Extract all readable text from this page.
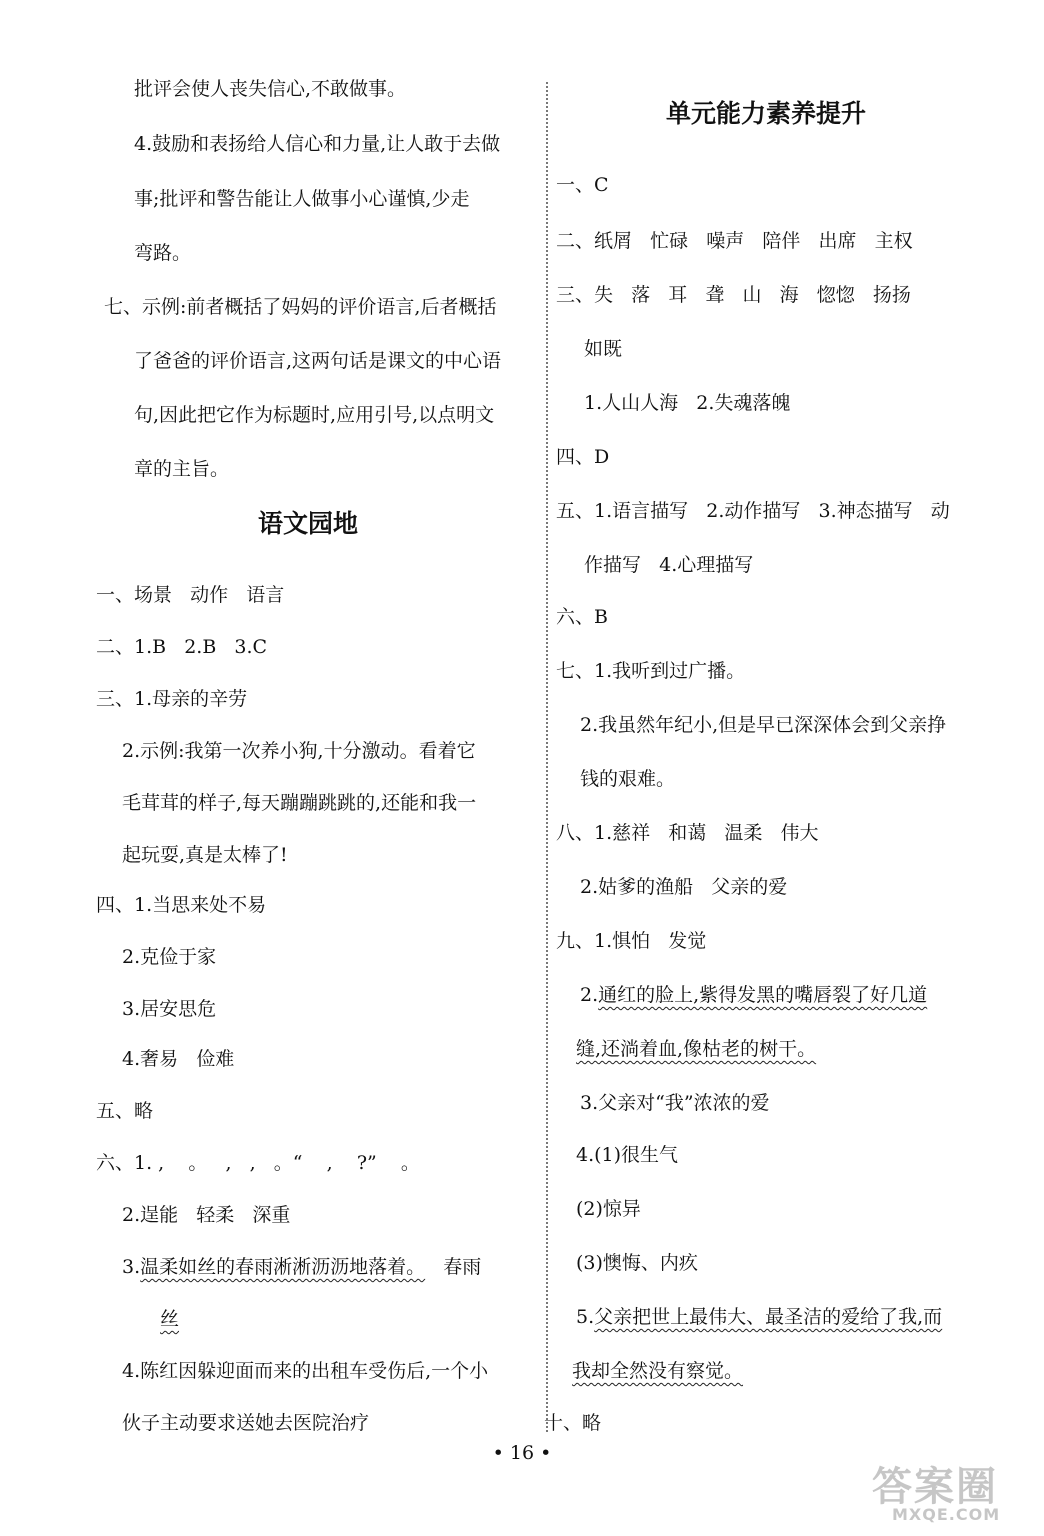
批评会使人丧失信心,不敢做事。
4.鼓励和表扬给人信心和力量,让人敢于去做
事;批评和警告能让人做事小心谨慎,少走
弯路。
七、示例:前者概括了妈妈的评价语言,后者概括
了爸爸的评价语言,这两句话是课文的中心语
句,因此把它作为标题时,应用引号,以点明文
章的主旨。
语文园地
一、场景   动作   语言
二、1.B   2.B   3.C
三、1.母亲的辛劳
2.示例:我第一次养小狗,十分激动。看着它
毛茸茸的样子,每天蹦蹦跳跳的,还能和我一
起玩耍,真是太棒了!
四、1.当思来处不易
2.克俭于家
3.居安思危
4.奢易   俭难
五、略
六、1. ,    。   ,   ,   。“    ,    ?”    。
2.逞能   轻柔   深重
3.温柔如丝的春雨淅淅沥沥地落着。   春雨
丝
4.陈红因躲迎面而来的出租车受伤后,一个小
伙子主动要求送她去医院治疗
单元能力素养提升
一、C
二、纸屑   忙碌   噪声   陪伴   出席   主权
三、失   落   耳   聋   山   海   惚惚   扬扬
如既
1.人山人海   2.失魂落魄
四、D
五、1.语言描写   2.动作描写   3.神态描写   动
作描写   4.心理描写
六、B
七、1.我听到过广播。
2.我虽然年纪小,但是早已深深体会到父亲挣
钱的艰难。
八、1.慈祥   和蔼   温柔   伟大
2.姑爹的渔船   父亲的爱
九、1.惧怕   发觉
2.通红的脸上,紫得发黑的嘴唇裂了好几道
缝,还淌着血,像枯老的树干。
3.父亲对“我”浓浓的爱
4.(1)很生气
(2)惊异
(3)懊悔、内疚
5.父亲把世上最伟大、最圣洁的爱给了我,而
我却全然没有察觉。
十、略
• 16 •
答案圈
MXQE.COM
